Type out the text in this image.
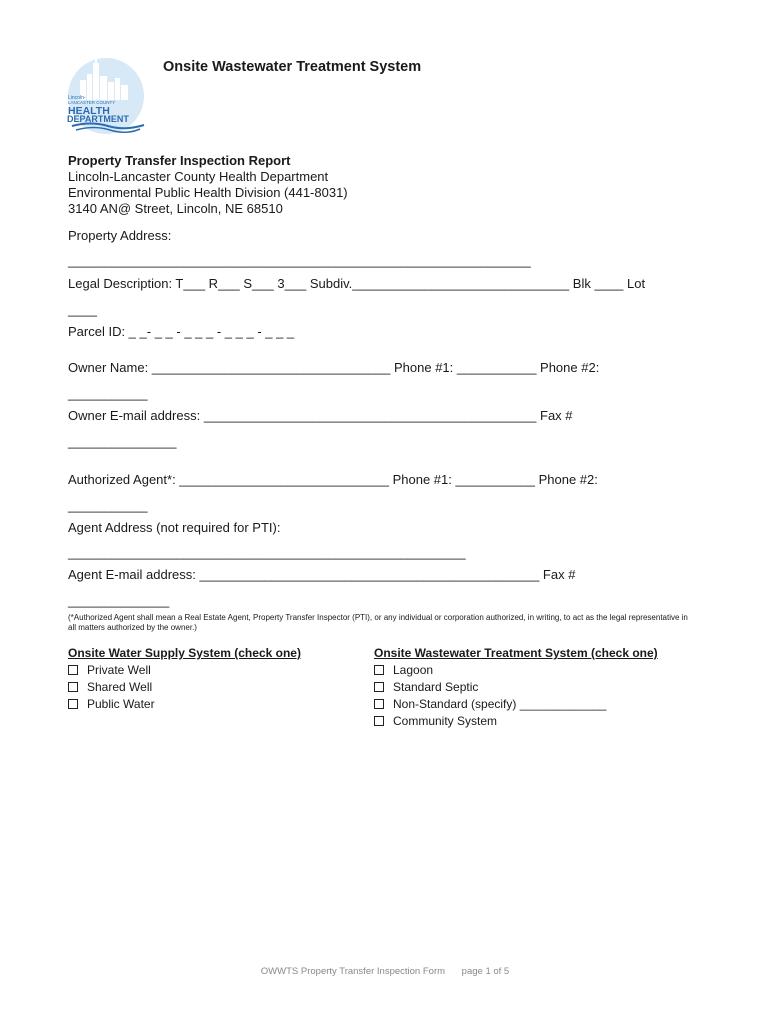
Lincoln-
LANCASTER COUNTY
HEALTH
DEPARTMENT
Onsite Wastewater Treatment System
Property Transfer Inspection Report
Lincoln-Lancaster County Health Department
Environmental Public Health Division (441-8031)
3140 AN@ Street, Lincoln, NE 68510
Property Address:
________________________________________________________________
Legal Description: T___ R___ S___ 3___ Subdiv.______________________________ Blk ____ Lot
____
Parcel ID: _ _- _ _ - _ _ _ - _ _ _ - _ _ _
Owner Name: _________________________________ Phone #1: ___________ Phone #2:
___________
Owner E-mail address: ______________________________________________ Fax #
_______________
Authorized Agent*: _____________________________ Phone #1: ___________ Phone #2:
___________
Agent Address (not required for PTI):
_______________________________________________________
Agent E-mail address: _______________________________________________ Fax #
______________
(*Authorized Agent shall mean a Real Estate Agent, Property Transfer Inspector (PTI), or any individual or corporation authorized, in writing, to act as the legal representative in all matters authorized by the owner.)
Onsite Water Supply System (check one)
Private Well
Shared Well
Public Water
Onsite Wastewater Treatment System (check one)
Lagoon
Standard Septic
Non-Standard (specify) _____________
Community System
OWWTS Property Transfer Inspection Form page 1 of 5
